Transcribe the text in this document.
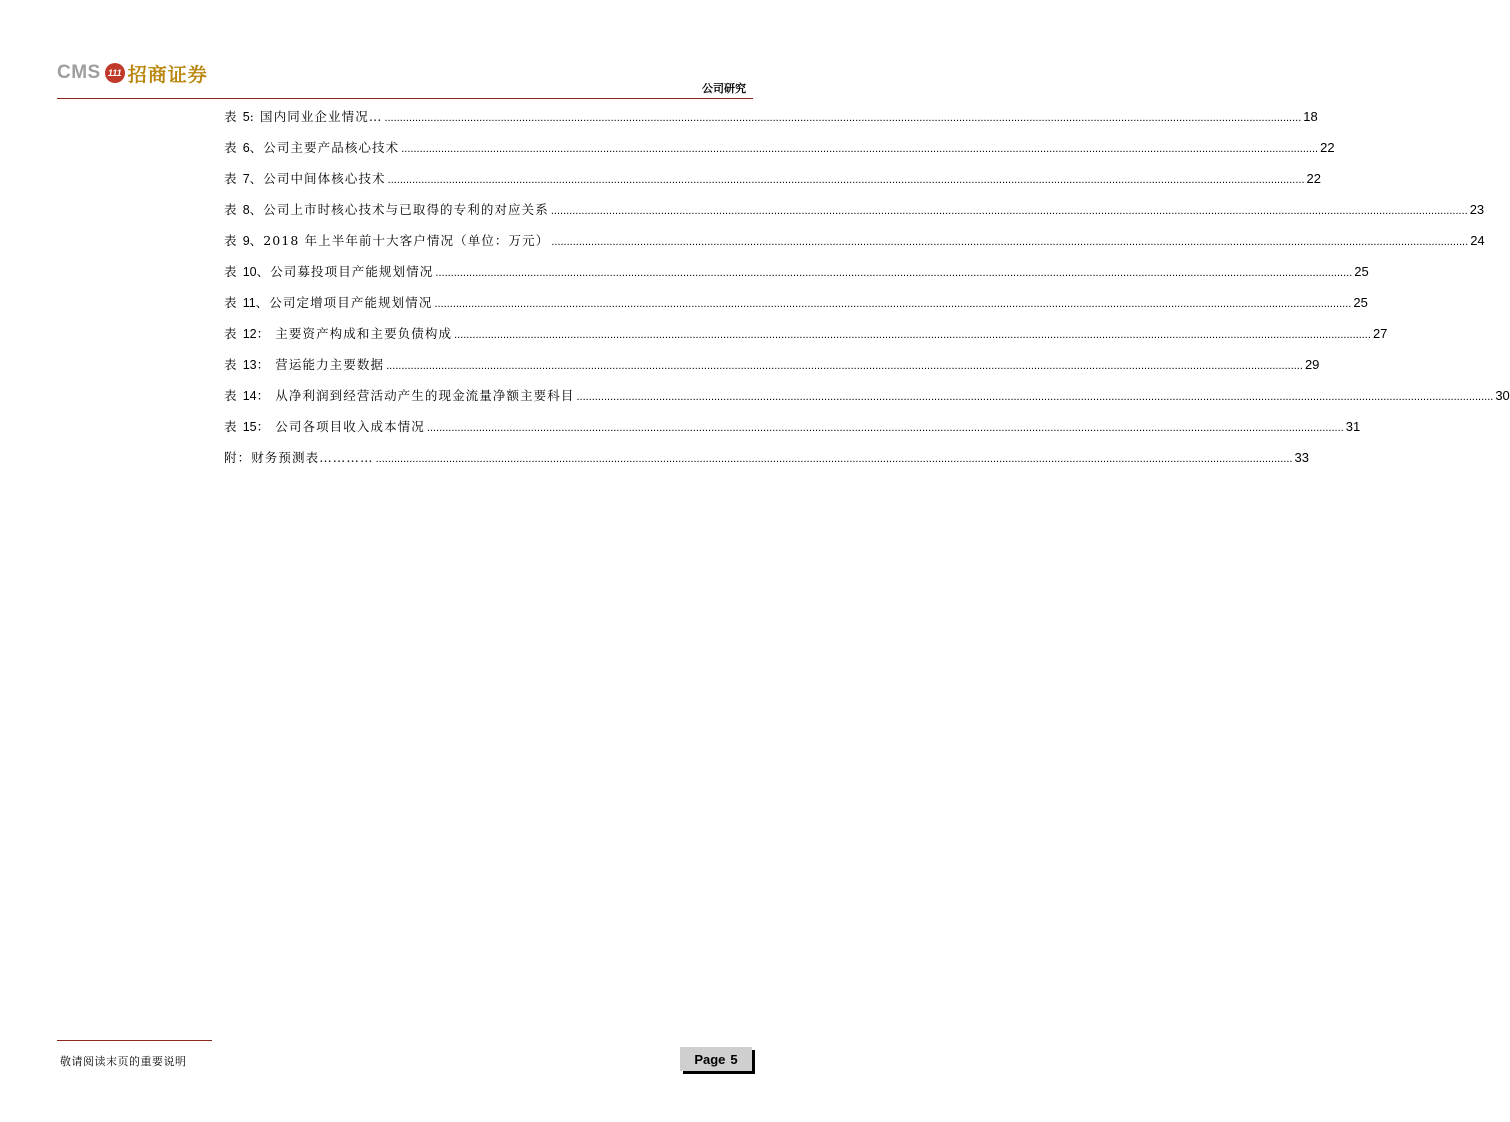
CMS 111 招商证券
公司研究
表 5: 国内同业企业情况… ............................................................................................................................................................................................................................................................................................................ 18
表 6、公司主要产品核心技术 ............................................................................................................................................................................................................................................................................................................ 22
表 7、公司中间体核心技术 ............................................................................................................................................................................................................................................................................................................ 22
表 8、公司上市时核心技术与已取得的专利的对应关系 ............................................................................................................................................................................................................................................................................................................ 23
表 9、2018 年上半年前十大客户情况（单位：万元） ............................................................................................................................................................................................................................................................................................................ 24
表 10、公司募投项目产能规划情况 ............................................................................................................................................................................................................................................................................................................ 25
表 11、公司定增项目产能规划情况 ............................................................................................................................................................................................................................................................................................................ 25
表 12： 主要资产构成和主要负债构成 ............................................................................................................................................................................................................................................................................................................ 27
表 13： 营运能力主要数据 ............................................................................................................................................................................................................................................................................................................ 29
表 14： 从净利润到经营活动产生的现金流量净额主要科目 ............................................................................................................................................................................................................................................................................................................ 30
表 15： 公司各项目收入成本情况 ............................................................................................................................................................................................................................................................................................................ 31
附：财务预测表………… ............................................................................................................................................................................................................................................................................................................ 33
敬请阅读末页的重要说明	Page 5
